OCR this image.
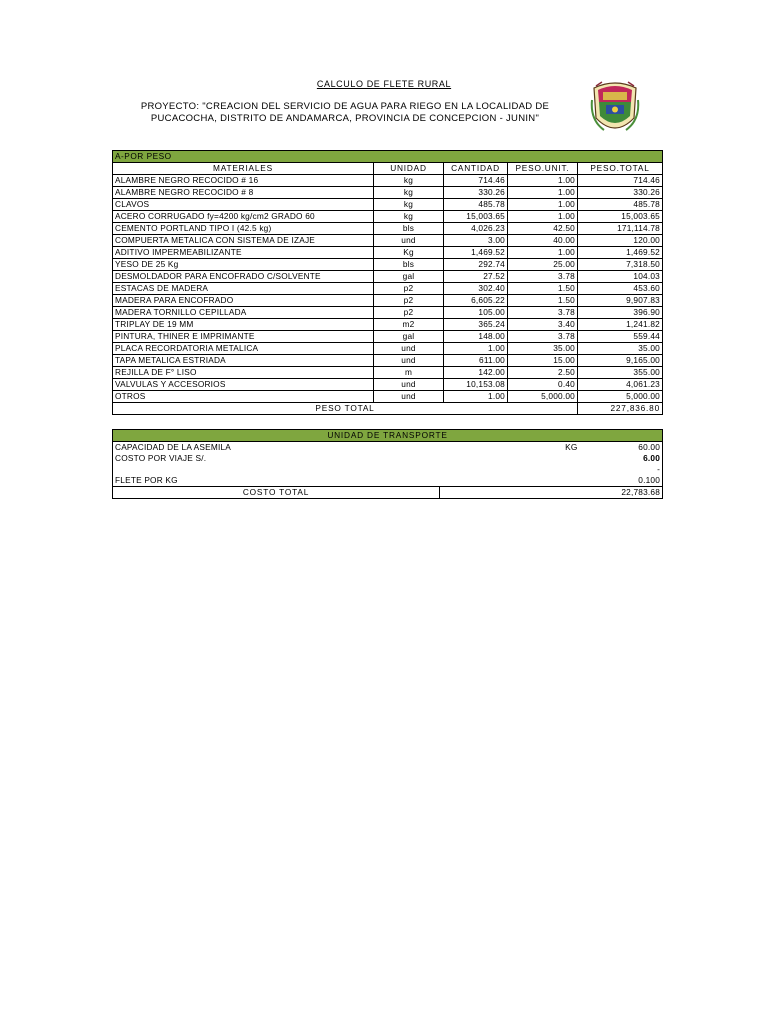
CALCULO DE FLETE RURAL
PROYECTO: "CREACION DEL SERVICIO DE AGUA PARA RIEGO EN LA LOCALIDAD DE
PUCACOCHA, DISTRITO DE ANDAMARCA, PROVINCIA DE CONCEPCION - JUNIN"
A-POR PESO				
MATERIALES	UNIDAD	CANTIDAD	PESO.UNIT.	PESO.TOTAL
ALAMBRE NEGRO RECOCIDO # 16	kg	714.46	1.00	714.46
ALAMBRE NEGRO RECOCIDO # 8	kg	330.26	1.00	330.26
CLAVOS	kg	485.78	1.00	485.78
ACERO CORRUGADO fy=4200 kg/cm2 GRADO 60	kg	15,003.65	1.00	15,003.65
CEMENTO PORTLAND TIPO I (42.5 kg)	bls	4,026.23	42.50	171,114.78
COMPUERTA METALICA CON SISTEMA DE IZAJE	und	3.00	40.00	120.00
ADITIVO IMPERMEABILIZANTE	Kg	1,469.52	1.00	1,469.52
YESO DE 25 Kg	bls	292.74	25.00	7,318.50
DESMOLDADOR PARA ENCOFRADO C/SOLVENTE	gal	27.52	3.78	104.03
ESTACAS DE MADERA	p2	302.40	1.50	453.60
MADERA PARA ENCOFRADO	p2	6,605.22	1.50	9,907.83
MADERA TORNILLO CEPILLADA	p2	105.00	3.78	396.90
TRIPLAY DE 19 MM	m2	365.24	3.40	1,241.82
PINTURA, THINER E IMPRIMANTE	gal	148.00	3.78	559.44
PLACA RECORDATORIA METALICA	und	1.00	35.00	35.00
TAPA METALICA ESTRIADA	und	611.00	15.00	9,165.00
REJILLA DE F° LISO	m	142.00	2.50	355.00
VALVULAS Y ACCESORIOS	und	10,153.08	0.40	4,061.23
OTROS	und	1.00	5,000.00	5,000.00
PESO TOTAL				227,836.80
UNIDAD DE TRANSPORTE			
CAPACIDAD DE LA ASEMILA		KG	60.00
COSTO POR VIAJE S/.			6.00
			-
FLETE POR KG			0.100
COSTO TOTAL		22,783.68	
